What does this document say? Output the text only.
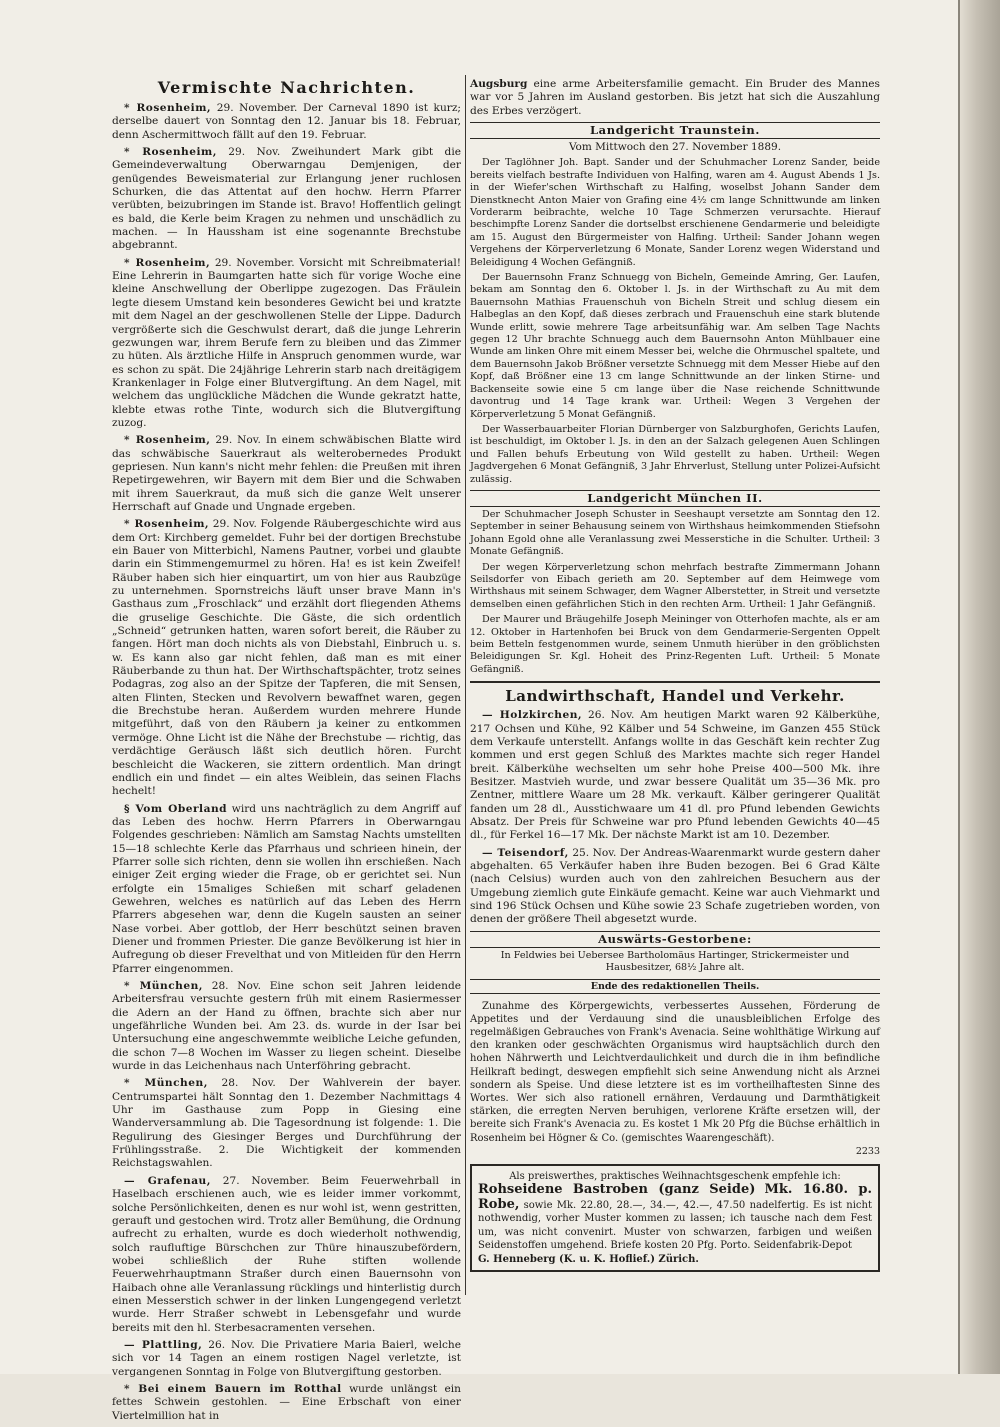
Vermischte Nachrichten.

* Rosenheim, 29. November. Der Carneval 1890 ist kurz; derselbe dauert von Sonntag den 12. Januar bis 18. Februar, denn Aschermittwoch fällt auf den 19. Februar.

* Rosenheim, 29. Nov. Zweihundert Mark gibt die Gemeindeverwaltung Oberwarngau Demjenigen, der genügendes Beweismaterial zur Erlangung jener ruchlosen Schurken, die das Attentat auf den hochw. Herrn Pfarrer verübten, beizubringen im Stande ist. Bravo! Hoffentlich gelingt es bald, die Kerle beim Kragen zu nehmen und unschädlich zu machen. — In Haussham ist eine sogenannte Brechstube abgebrannt.

* Rosenheim, 29. November. Vorsicht mit Schreibmaterial! Eine Lehrerin in Baumgarten hatte sich für vorige Woche eine kleine Anschwellung der Oberlippe zugezogen. Das Fräulein legte diesem Umstand kein besonderes Gewicht bei und kratzte mit dem Nagel an der geschwollenen Stelle der Lippe. Dadurch vergrößerte sich die Geschwulst derart, daß die junge Lehrerin gezwungen war, ihrem Berufe fern zu bleiben und das Zimmer zu hüten. Als ärztliche Hilfe in Anspruch genommen wurde, war es schon zu spät. Die 24jährige Lehrerin starb nach dreitägigem Krankenlager in Folge einer Blutvergiftung. An dem Nagel, mit welchem das unglückliche Mädchen die Wunde gekratzt hatte, klebte etwas rothe Tinte, wodurch sich die Blutvergiftung zuzog.

* Rosenheim, 29. Nov. In einem schwäbischen Blatte wird das schwäbische Sauerkraut als welterobernedes Produkt gepriesen. Nun kann's nicht mehr fehlen: die Preußen mit ihren Repetirgewehren, wir Bayern mit dem Bier und die Schwaben mit ihrem Sauerkraut, da muß sich die ganze Welt unserer Herrschaft auf Gnade und Ungnade ergeben.

* Rosenheim, 29. Nov. Folgende Räubergeschichte wird aus dem Ort: Kirchberg gemeldet. Fuhr bei der dortigen Brechstube ein Bauer von Mitterbichl, Namens Pautner, vorbei und glaubte darin ein Stimmengemurmel zu hören. Ha! es ist kein Zweifel! Räuber haben sich hier einquartirt, um von hier aus Raubzüge zu unternehmen. Spornstreichs läuft unser brave Mann in's Gasthaus zum „Froschlack“ und erzählt dort fliegenden Athems die gruselige Geschichte. Die Gäste, die sich ordentlich „Schneid“ getrunken hatten, waren sofort bereit, die Räuber zu fangen. Hört man doch nichts als von Diebstahl, Einbruch u. s. w. Es kann also gar nicht fehlen, daß man es mit einer Räuberbande zu thun hat. Der Wirthschaftspächter, trotz seines Podagras, zog also an der Spitze der Tapferen, die mit Sensen, alten Flinten, Stecken und Revolvern bewaffnet waren, gegen die Brechstube heran. Außerdem wurden mehrere Hunde mitgeführt, daß von den Räubern ja keiner zu entkommen vermöge. Ohne Licht ist die Nähe der Brechstube — richtig, das verdächtige Geräusch läßt sich deutlich hören. Furcht beschleicht die Wackeren, sie zittern ordentlich. Man dringt endlich ein und findet — ein altes Weiblein, das seinen Flachs hechelt!

§ Vom Oberland wird uns nachträglich zu dem Angriff auf das Leben des hochw. Herrn Pfarrers in Oberwarngau Folgendes geschrieben: Nämlich am Samstag Nachts umstellten 15—18 schlechte Kerle das Pfarrhaus und schrieen hinein, der Pfarrer solle sich richten, denn sie wollen ihn erschießen. Nach einiger Zeit erging wieder die Frage, ob er gerichtet sei. Nun erfolgte ein 15maliges Schießen mit scharf geladenen Gewehren, welches es natürlich auf das Leben des Herrn Pfarrers abgesehen war, denn die Kugeln sausten an seiner Nase vorbei. Aber gottlob, der Herr beschützt seinen braven Diener und frommen Priester. Die ganze Bevölkerung ist hier in Aufregung ob dieser Frevelthat und von Mitleiden für den Herrn Pfarrer eingenommen.

* München, 28. Nov. Eine schon seit Jahren leidende Arbeitersfrau versuchte gestern früh mit einem Rasiermesser die Adern an der Hand zu öffnen, brachte sich aber nur ungefährliche Wunden bei. Am 23. ds. wurde in der Isar bei Untersuchung eine angeschwemmte weibliche Leiche gefunden, die schon 7—8 Wochen im Wasser zu liegen scheint. Dieselbe wurde in das Leichenhaus nach Unterföhring gebracht.

* München, 28. Nov. Der Wahlverein der bayer. Centrumspartei hält Sonntag den 1. Dezember Nachmittags 4 Uhr im Gasthause zum Popp in Giesing eine Wanderversammlung ab. Die Tagesordnung ist folgende: 1. Die Regulirung des Giesinger Berges und Durchführung der Frühlingsstraße. 2. Die Wichtigkeit der kommenden Reichstagswahlen.

— Grafenau, 27. November. Beim Feuerwehrball in Haselbach erschienen auch, wie es leider immer vorkommt, solche Persönlichkeiten, denen es nur wohl ist, wenn gestritten, gerauft und gestochen wird. Trotz aller Bemühung, die Ordnung aufrecht zu erhalten, wurde es doch wiederholt nothwendig, solch raufluftige Bürschchen zur Thüre hinauszubefördern, wobei schließlich der Ruhe stiften wollende Feuerwehrhauptmann Straßer durch einen Bauernsohn von Haibach ohne alle Veranlassung rücklings und hinterlistig durch einen Messerstich schwer in der linken Lungengegend verletzt wurde. Herr Straßer schwebt in Lebensgefahr und wurde bereits mit den hl. Sterbesacramenten versehen.

— Plattling, 26. Nov. Die Privatiere Maria Baierl, welche sich vor 14 Tagen an einem rostigen Nagel verletzte, ist vergangenen Sonntag in Folge von Blutvergiftung gestorben.

* Bei einem Bauern im Rotthal wurde unlängst ein fettes Schwein gestohlen. — Eine Erbschaft von einer Viertelmillion hat in

Augsburg eine arme Arbeitersfamilie gemacht. Ein Bruder des Mannes war vor 5 Jahren im Ausland gestorben. Bis jetzt hat sich die Auszahlung des Erbes verzögert.

Landgericht Traunstein.
Vom Mittwoch den 27. November 1889.

Der Taglöhner Joh. Bapt. Sander und der Schuhmacher Lorenz Sander, beide bereits vielfach bestrafte Individuen von Halfing, waren am 4. August Abends 1 Js. in der Wiefer'schen Wirthschaft zu Halfing, woselbst Johann Sander dem Dienstknecht Anton Maier von Grafing eine 4½ cm lange Schnittwunde am linken Vorderarm beibrachte, welche 10 Tage Schmerzen verursachte. Hierauf beschimpfte Lorenz Sander die dortselbst erschienene Gendarmerie und beleidigte am 15. August den Bürgermeister von Halfing. Urtheil: Sander Johann wegen Vergehens der Körperverletzung 6 Monate, Sander Lorenz wegen Widerstand und Beleidigung 4 Wochen Gefängniß.

Der Bauernsohn Franz Schnuegg von Bicheln, Gemeinde Amring, Ger. Laufen, bekam am Sonntag den 6. Oktober l. Js. in der Wirthschaft zu Au mit dem Bauernsohn Mathias Frauenschuh von Bicheln Streit und schlug diesem ein Halbeglas an den Kopf, daß dieses zerbrach und Frauenschuh eine stark blutende Wunde erlitt, sowie mehrere Tage arbeitsunfähig war. Am selben Tage Nachts gegen 12 Uhr brachte Schnuegg auch dem Bauernsohn Anton Mühlbauer eine Wunde am linken Ohre mit einem Messer bei, welche die Ohrmuschel spaltete, und dem Bauernsohn Jakob Brößner versetzte Schnuegg mit dem Messer Hiebe auf den Kopf, daß Brößner eine 13 cm lange Schnittwunde an der linken Stirne- und Backenseite sowie eine 5 cm lange über die Nase reichende Schnittwunde davontrug und 14 Tage krank war. Urtheil: Wegen 3 Vergehen der Körperverletzung 5 Monat Gefängniß.

Der Wasserbauarbeiter Florian Dürnberger von Salzburghofen, Gerichts Laufen, ist beschuldigt, im Oktober l. Js. in den an der Salzach gelegenen Auen Schlingen und Fallen behufs Erbeutung von Wild gestellt zu haben. Urtheil: Wegen Jagdvergehen 6 Monat Gefängniß, 3 Jahr Ehrverlust, Stellung unter Polizei-Aufsicht zulässig.

Landgericht München II.

Der Schuhmacher Joseph Schuster in Seeshaupt versetzte am Sonntag den 12. September in seiner Behausung seinem von Wirthshaus heimkommenden Stiefsohn Johann Egold ohne alle Veranlassung zwei Messerstiche in die Schulter. Urtheil: 3 Monate Gefängniß.

Der wegen Körperverletzung schon mehrfach bestrafte Zimmermann Johann Seilsdorfer von Eibach gerieth am 20. September auf dem Heimwege vom Wirthshaus mit seinem Schwager, dem Wagner Alberstetter, in Streit und versetzte demselben einen gefährlichen Stich in den rechten Arm. Urtheil: 1 Jahr Gefängniß.

Der Maurer und Bräugehilfe Joseph Meininger von Otterhofen machte, als er am 12. Oktober in Hartenhofen bei Bruck von dem Gendarmerie-Sergenten Oppelt beim Betteln festgenommen wurde, seinem Unmuth hierüber in den gröblichsten Beleidigungen Sr. Kgl. Hoheit des Prinz-Regenten Luft. Urtheil: 5 Monate Gefängniß.

Landwirthschaft, Handel und Verkehr.

— Holzkirchen, 26. Nov. Am heutigen Markt waren 92 Kälberkühe, 217 Ochsen und Kühe, 92 Kälber und 54 Schweine, im Ganzen 455 Stück dem Verkaufe unterstellt. Anfangs wollte in das Geschäft kein rechter Zug kommen und erst gegen Schluß des Marktes machte sich reger Handel breit. Kälberkühe wechselten um sehr hohe Preise 400—500 Mk. ihre Besitzer. Mastvieh wurde, und zwar bessere Qualität um 35—36 Mk. pro Zentner, mittlere Waare um 28 Mk. verkauft. Kälber geringerer Qualität fanden um 28 dl., Ausstichwaare um 41 dl. pro Pfund lebenden Gewichts Absatz. Der Preis für Schweine war pro Pfund lebenden Gewichts 40—45 dl., für Ferkel 16—17 Mk. Der nächste Markt ist am 10. Dezember.

— Teisendorf, 25. Nov. Der Andreas-Waarenmarkt wurde gestern daher abgehalten. 65 Verkäufer haben ihre Buden bezogen. Bei 6 Grad Kälte (nach Celsius) wurden auch von den zahlreichen Besuchern aus der Umgebung ziemlich gute Einkäufe gemacht. Keine war auch Viehmarkt und sind 196 Stück Ochsen und Kühe sowie 23 Schafe zugetrieben worden, von denen der größere Theil abgesetzt wurde.

Auswärts-Gestorbene:

In Feldwies bei Uebersee Bartholomäus Hartinger, Strickermeister und Hausbesitzer, 68½ Jahre alt.

Ende des redaktionellen Theils.

Zunahme des Körpergewichts, verbessertes Aussehen, Förderung de Appetites und der Verdauung sind die unausbleiblichen Erfolge des regelmäßigen Gebrauches von Frank's Avenacia. Seine wohlthätige Wirkung auf den kranken oder geschwächten Organismus wird hauptsächlich durch den hohen Nährwerth und Leichtverdaulichkeit und durch die in ihm befindliche Heilkraft bedingt, deswegen empfiehlt sich seine Anwendung nicht als Arznei sondern als Speise. Und diese letztere ist es im vortheilhaftesten Sinne des Wortes. Wer sich also rationell ernähren, Verdauung und Darmthätigkeit stärken, die erregten Nerven beruhigen, verlorene Kräfte ersetzen will, der bereite sich Frank's Avenacia zu. Es kostet 1 Mk 20 Pfg die Büchse erhältlich in Rosenheim bei Högner & Co. (gemischtes Waarengeschäft).

2233
Als preiswerthes, praktisches Weihnachtsgeschenk empfehle ich:
Rohseidene Bastroben (ganz Seide) Mk. 16.80. p. Robe, sowie Mk. 22.80, 28.—, 34.—, 42.—, 47.50 nadelfertig. Es ist nicht nothwendig, vorher Muster kommen zu lassen; ich tausche nach dem Fest um, was nicht convenirt. Muster von schwarzen, farbigen und weißen Seidenstoffen umgehend. Briefe kosten 20 Pfg. Porto. Seidenfabrik-Depot
G. Henneberg (K. u. K. Hoflief.) Zürich.
